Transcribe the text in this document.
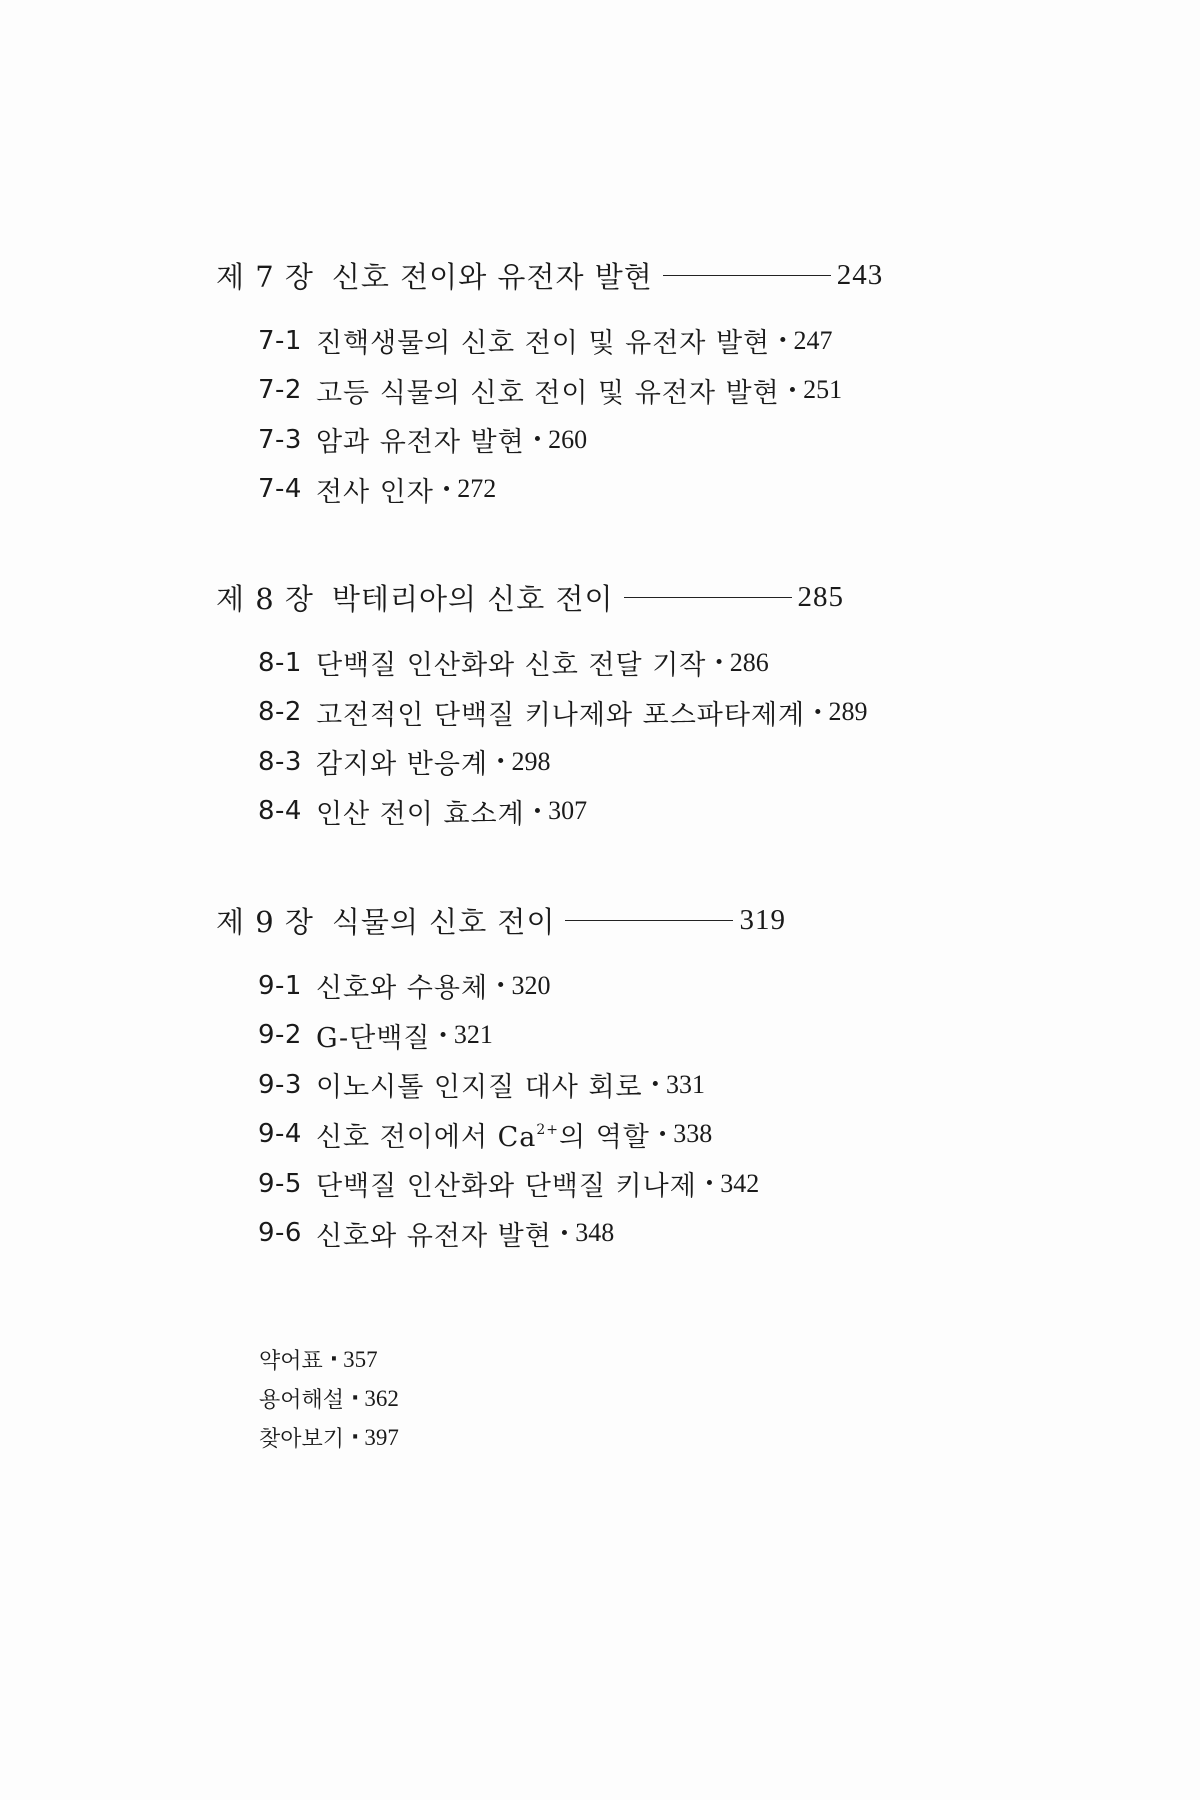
제 7 장 신호 전이와 유전자 발현	243
7-1 진핵생물의 신호 전이 및 유전자 발현 · 247
7-2 고등 식물의 신호 전이 및 유전자 발현 · 251
7-3 암과 유전자 발현 · 260
7-4 전사 인자 · 272
제 8 장 박테리아의 신호 전이	285
8-1 단백질 인산화와 신호 전달 기작 · 286
8-2 고전적인 단백질 키나제와 포스파타제계 · 289
8-3 감지와 반응계 · 298
8-4 인산 전이 효소계 · 307
제 9 장 식물의 신호 전이	319
9-1 신호와 수용체 · 320
9-2 G-단백질 · 321
9-3 이노시톨 인지질 대사 회로 · 331
9-4 신호 전이에서 $Ca^{2+}$의 역할 · 338
9-5 단백질 인산화와 단백질 키나제 · 342
9-6 신호와 유전자 발현 · 348
약어표 · 357
용어해설 · 362
찾아보기 · 397
